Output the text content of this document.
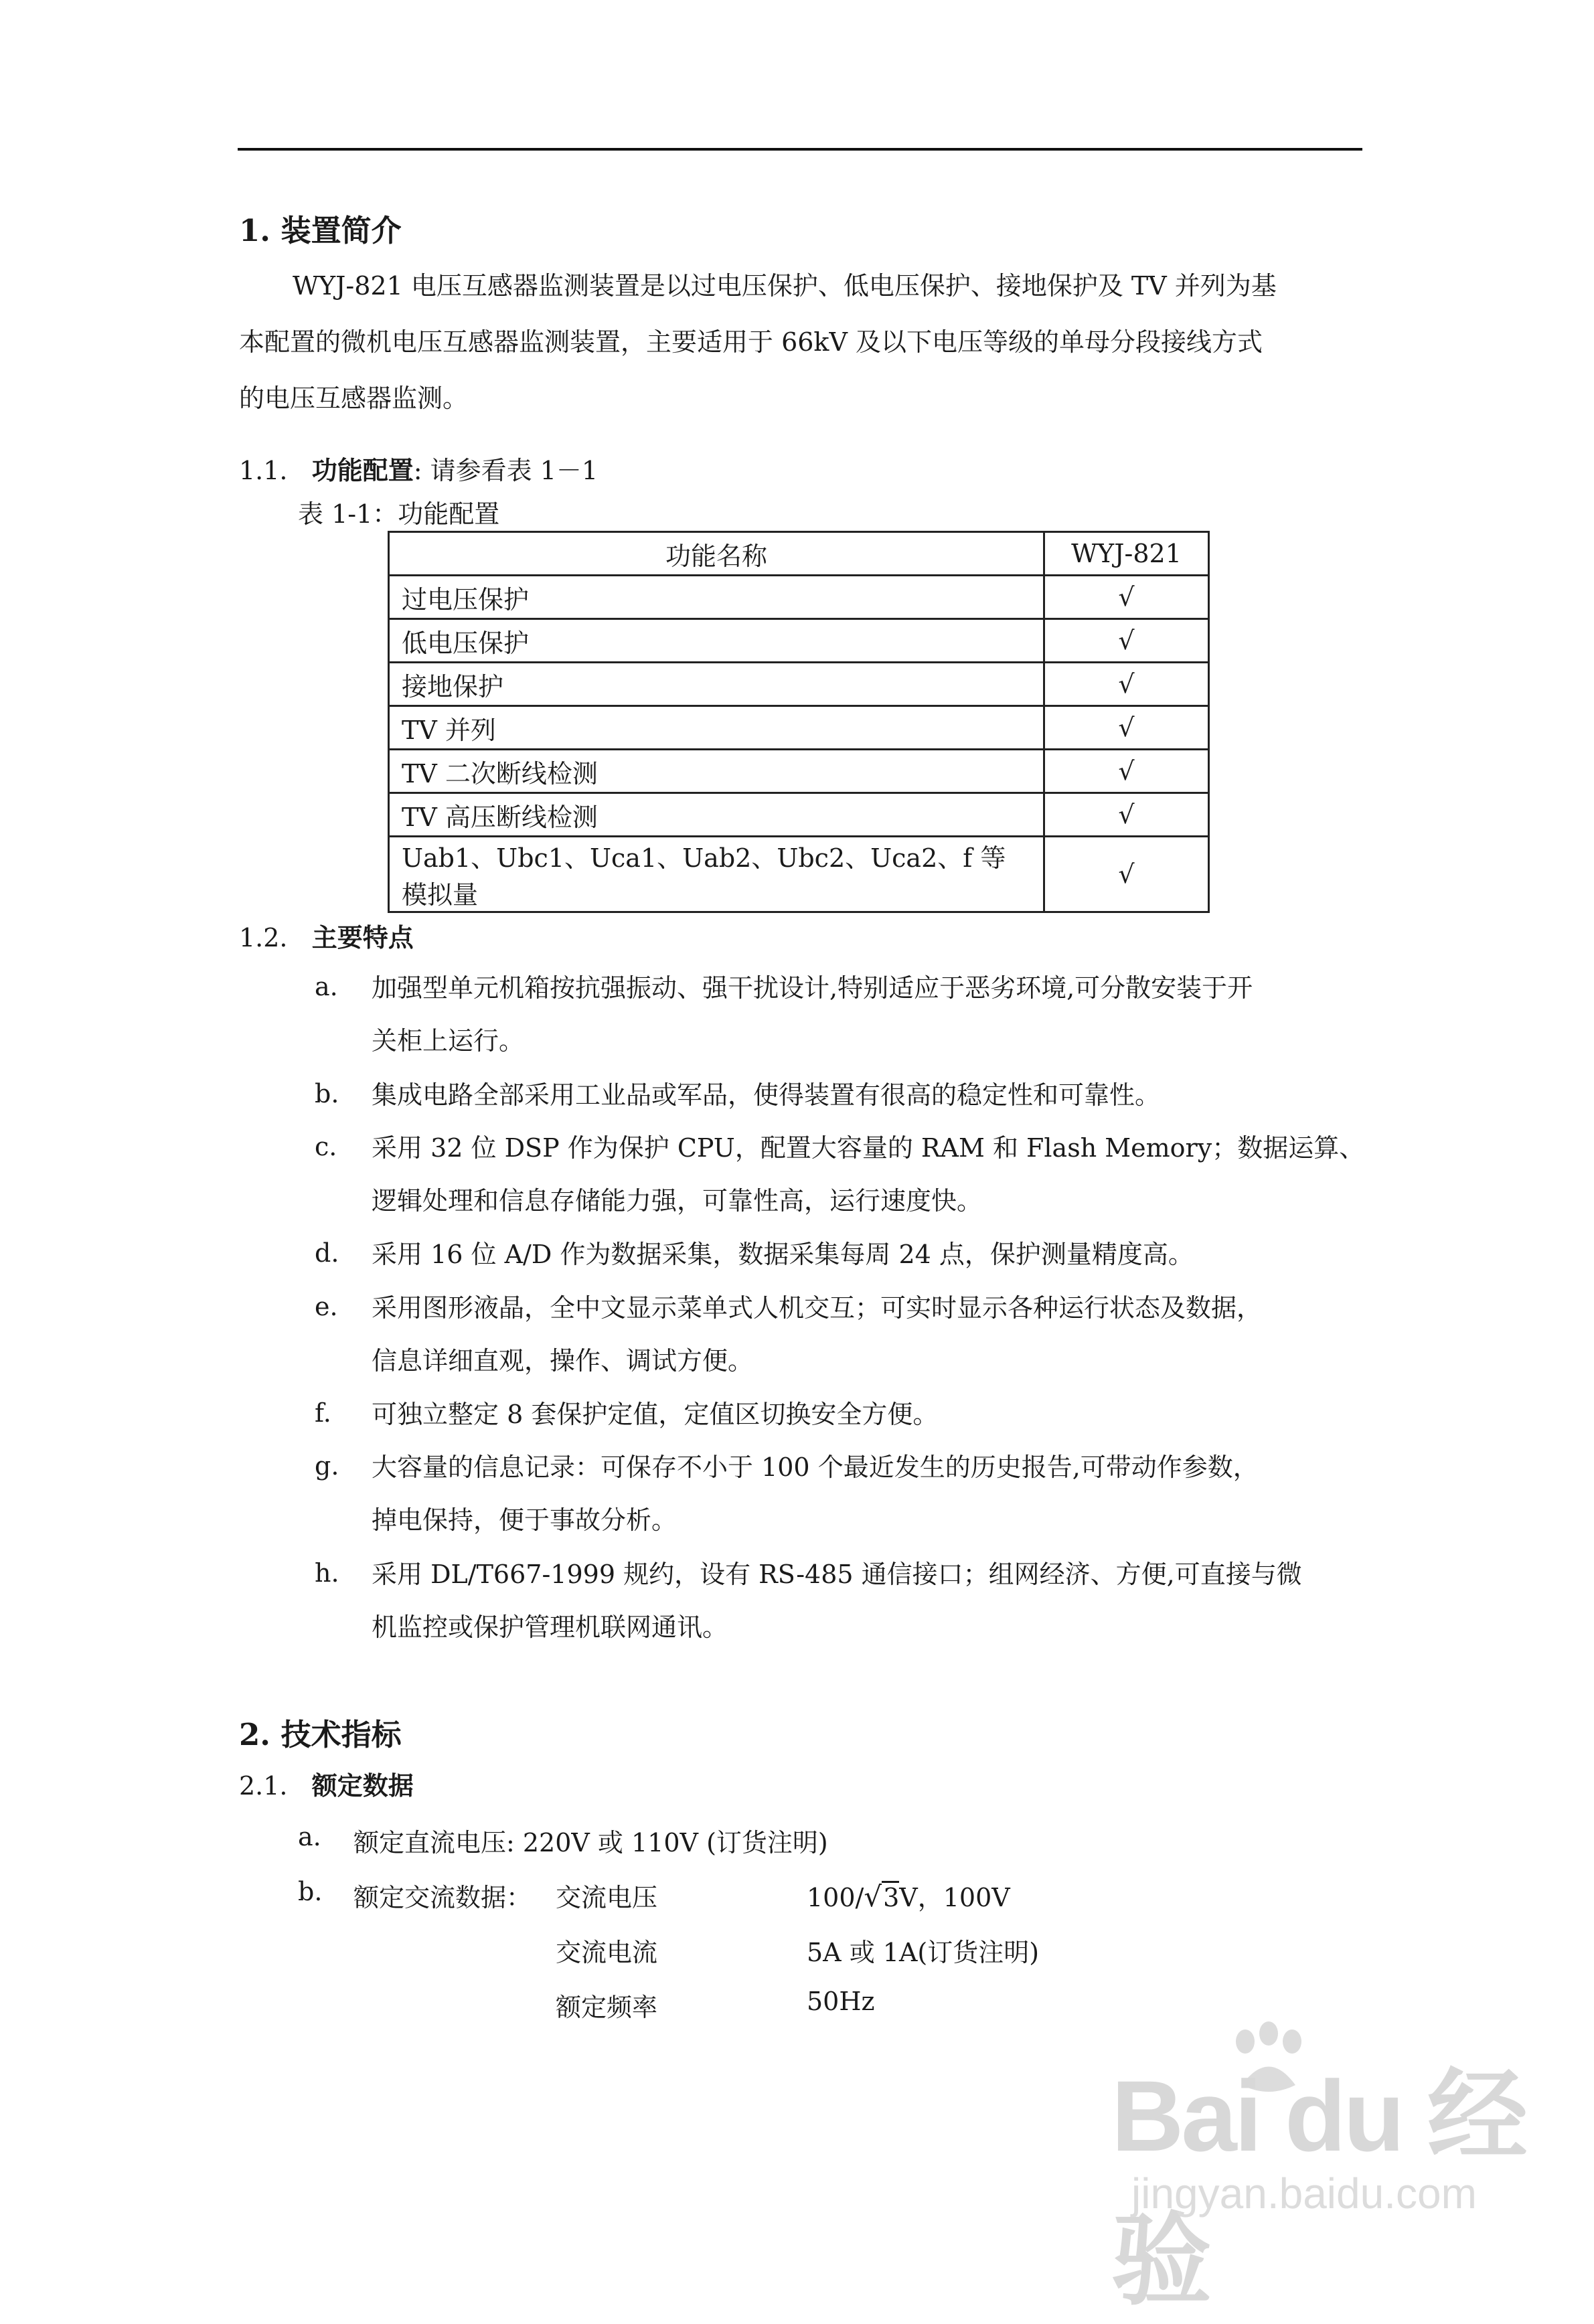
1. 装置简介
WYJ-821 电压互感器监测装置是以过电压保护、低电压保护、接地保护及 TV 并列为基
本配置的微机电压互感器监测装置，主要适用于 66kV 及以下电压等级的单母分段接线方式
的电压互感器监测。
1.1. 功能配置: 请参看表 1－1
表 1-1：功能配置
功能名称	WYJ-821
过电压保护	√
低电压保护	√
接地保护	√
TV 并列	√
TV 二次断线检测	√
TV 高压断线检测	√
Uab1、Ubc1、Uca1、Uab2、Ubc2、Uca2、f 等模拟量	√
1.2. 主要特点
a. 加强型单元机箱按抗强振动、强干扰设计,特别适应于恶劣环境,可分散安装于开
关柜上运行。
b. 集成电路全部采用工业品或军品，使得装置有很高的稳定性和可靠性。
c. 采用 32 位 DSP 作为保护 CPU，配置大容量的 RAM 和 Flash Memory；数据运算、
逻辑处理和信息存储能力强，可靠性高，运行速度快。
d. 采用 16 位 A/D 作为数据采集，数据采集每周 24 点，保护测量精度高。
e. 采用图形液晶，全中文显示菜单式人机交互；可实时显示各种运行状态及数据，
信息详细直观，操作、调试方便。
f. 可独立整定 8 套保护定值，定值区切换安全方便。
g. 大容量的信息记录：可保存不小于 100 个最近发生的历史报告,可带动作参数，
掉电保持，便于事故分析。
h. 采用 DL/T667-1999 规约，设有 RS-485 通信接口；组网经济、方便,可直接与微
机监控或保护管理机联网通讯。
2. 技术指标
2.1. 额定数据
a. 额定直流电压: 220V 或 110V (订货注明)
b. 额定交流数据： 交流电压	100/√3V，100V
交流电流	5A 或 1A(订货注明)
额定频率	50Hz
Bai du 经验
jingyan.baidu.com
